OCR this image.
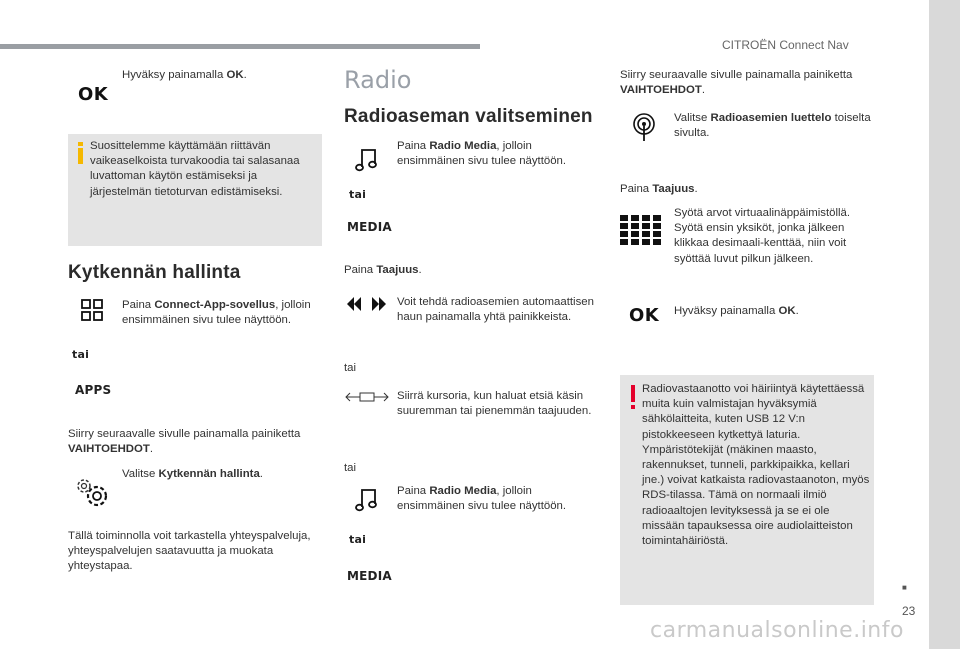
CITROËN Connect Nav
OK
Hyväksy painamalla OK.
Suosittelemme käyttämään riittävän vaikeaselkoista turvakoodia tai salasanaa luvattoman käytön estämiseksi ja järjestelmän tietoturvan edistämiseksi.
Kytkennän hallinta
Paina Connect-App-sovellus, jolloin ensimmäinen sivu tulee näyttöön.
tai
APPS
Siirry seuraavalle sivulle painamalla painiketta VAIHTOEHDOT.
Valitse Kytkennän hallinta.
Tällä toiminnolla voit tarkastella yhteyspalveluja, yhteyspalvelujen saatavuutta ja muokata yhteystapaa.
Radio
Radioaseman valitseminen
Paina Radio Media, jolloin ensimmäinen sivu tulee näyttöön.
tai
MEDIA
Paina Taajuus.
Voit tehdä radioasemien automaattisen haun painamalla yhtä painikkeista.
tai
Siirrä kursoria, kun haluat etsiä käsin suuremman tai pienemmän taajuuden.
tai
Paina Radio Media, jolloin ensimmäinen sivu tulee näyttöön.
tai
MEDIA
Siirry seuraavalle sivulle painamalla painiketta VAIHTOEHDOT.
Valitse Radioasemien luettelo toiselta sivulta.
Paina Taajuus.
Syötä arvot virtuaalinäppäimistöllä. Syötä ensin yksiköt, jonka jälkeen klikkaa desimaali-kenttää, niin voit syöttää luvut pilkun jälkeen.
OK Hyväksy painamalla OK.
Radiovastaanotto voi häiriintyä käytettäessä muita kuin valmistajan hyväksymiä sähkölaitteita, kuten USB 12 V:n pistokkeeseen kytkettyä laturia. Ympäristötekijät (mäkinen maasto, rakennukset, tunneli, parkkipaikka, kellari jne.) voivat katkaista radiovastaanoton, myös RDS-tilassa. Tämä on normaali ilmiö radioaaltojen levityksessä ja se ei ole missään tapauksessa oire audiolaitteiston toimintahäiriöstä.
■
23
carmanualsonline.info
